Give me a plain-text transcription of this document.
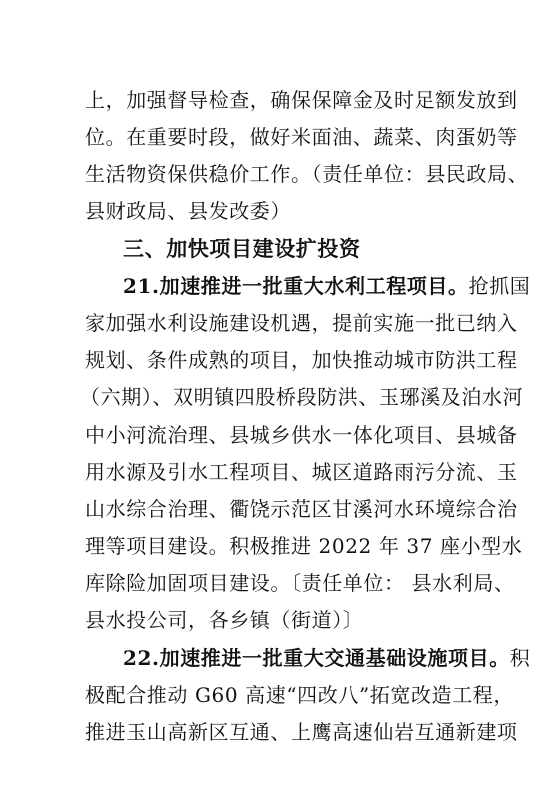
上，加强督导检查，确保保障金及时足额发放到
位。在重要时段，做好米面油、蔬菜、肉蛋奶等
生活物资保供稳价工作。（责任单位：县民政局、
县财政局、县发改委）
三、加快项目建设扩投资
21.加速推进一批重大水利工程项目。抢抓国
家加强水利设施建设机遇，提前实施一批已纳入
规划、条件成熟的项目，加快推动城市防洪工程
（六期）、双明镇四股桥段防洪、玉琊溪及泊水河
中小河流治理、县城乡供水一体化项目、县城备
用水源及引水工程项目、城区道路雨污分流、玉
山水综合治理、衢饶示范区甘溪河水环境综合治
理等项目建设。积极推进 2022 年 37 座小型水
库除险加固项目建设。〔责任单位： 县水利局、
县水投公司，各乡镇（街道）〕
22.加速推进一批重大交通基础设施项目。积
极配合推动 G60 高速“四改八”拓宽改造工程，
推进玉山高新区互通、上鹰高速仙岩互通新建项
